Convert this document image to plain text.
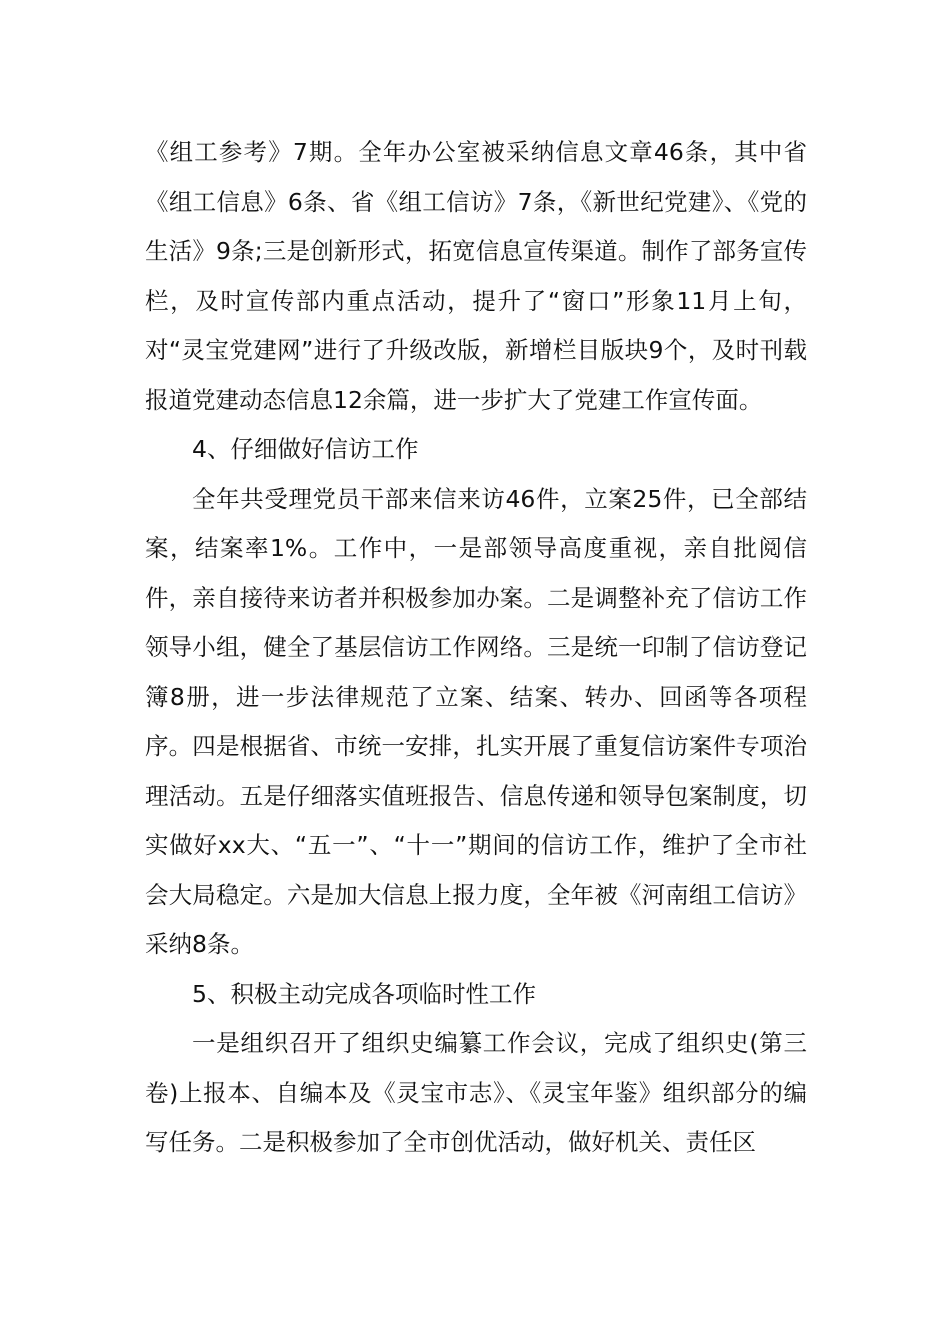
《组工参考》7期。全年办公室被采纳信息文章46条，其中省《组工信息》6条、省《组工信访》7条，《新世纪党建》、《党的生活》9条;三是创新形式，拓宽信息宣传渠道。制作了部务宣传栏，及时宣传部内重点活动，提升了“窗口”形象11月上旬，对“灵宝党建网”进行了升级改版，新增栏目版块9个，及时刊载报道党建动态信息12余篇，进一步扩大了党建工作宣传面。

4、仔细做好信访工作

全年共受理党员干部来信来访46件，立案25件，已全部结案，结案率1%。工作中，一是部领导高度重视，亲自批阅信件，亲自接待来访者并积极参加办案。二是调整补充了信访工作领导小组，健全了基层信访工作网络。三是统一印制了信访登记簿8册，进一步法律规范了立案、结案、转办、回函等各项程序。四是根据省、市统一安排，扎实开展了重复信访案件专项治理活动。五是仔细落实值班报告、信息传递和领导包案制度，切实做好xx大、“五一”、“十一”期间的信访工作，维护了全市社会大局稳定。六是加大信息上报力度，全年被《河南组工信访》采纳8条。

5、积极主动完成各项临时性工作

一是组织召开了组织史编纂工作会议，完成了组织史(第三卷)上报本、自编本及《灵宝市志》、《灵宝年鉴》组织部分的编写任务。二是积极参加了全市创优活动，做好机关、责任区
